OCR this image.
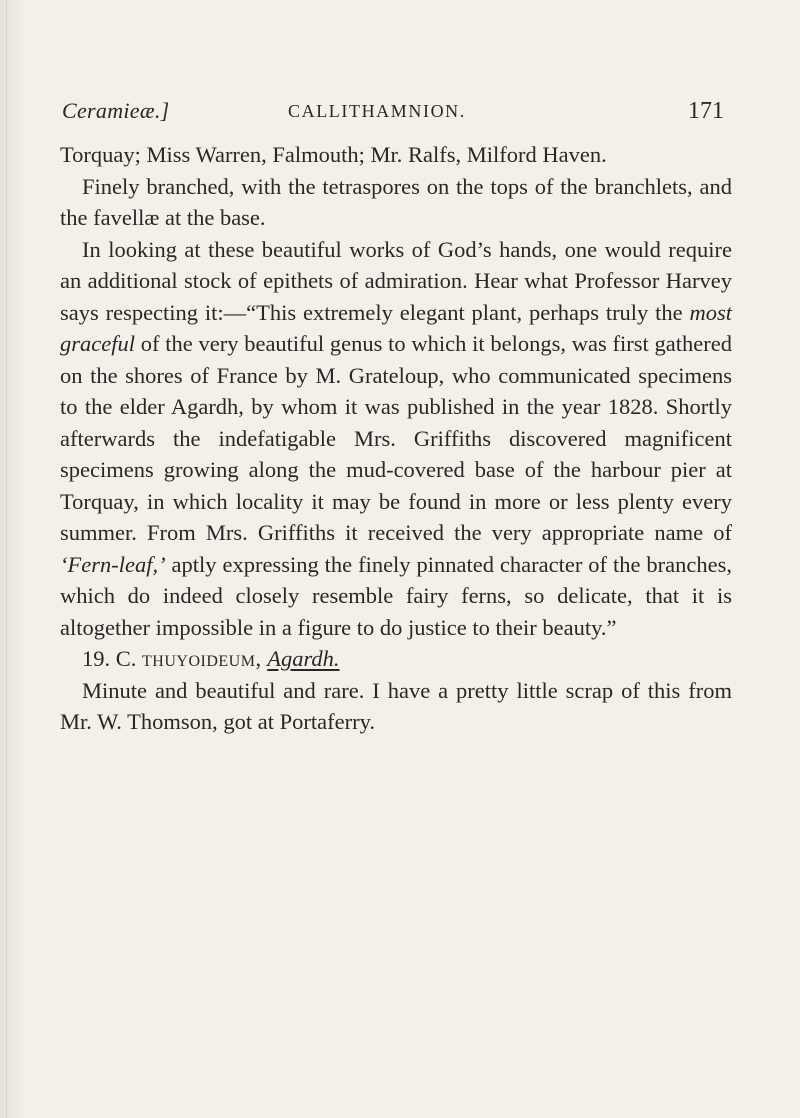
Ceramieæ.]	CALLITHAMNION.	171

Torquay; Miss Warren, Falmouth; Mr. Ralfs, Milford Haven.

Finely branched, with the tetraspores on the tops of the branchlets, and the favellæ at the base.

In looking at these beautiful works of God’s hands, one would require an additional stock of epithets of admiration. Hear what Professor Harvey says respecting it:—“This extremely elegant plant, perhaps truly the most graceful of the very beautiful genus to which it belongs, was first gathered on the shores of France by M. Grateloup, who communicated specimens to the elder Agardh, by whom it was published in the year 1828. Shortly afterwards the indefatigable Mrs. Griffiths discovered magnificent specimens growing along the mud-covered base of the harbour pier at Torquay, in which locality it may be found in more or less plenty every summer. From Mrs. Griffiths it received the very appropriate name of ‘Fern-leaf,’ aptly expressing the finely pinnated character of the branches, which do indeed closely resemble fairy ferns, so delicate, that it is altogether impossible in a figure to do justice to their beauty.”

19. C. thuyoideum, Agardh.

Minute and beautiful and rare. I have a pretty little scrap of this from Mr. W. Thomson, got at Portaferry.
